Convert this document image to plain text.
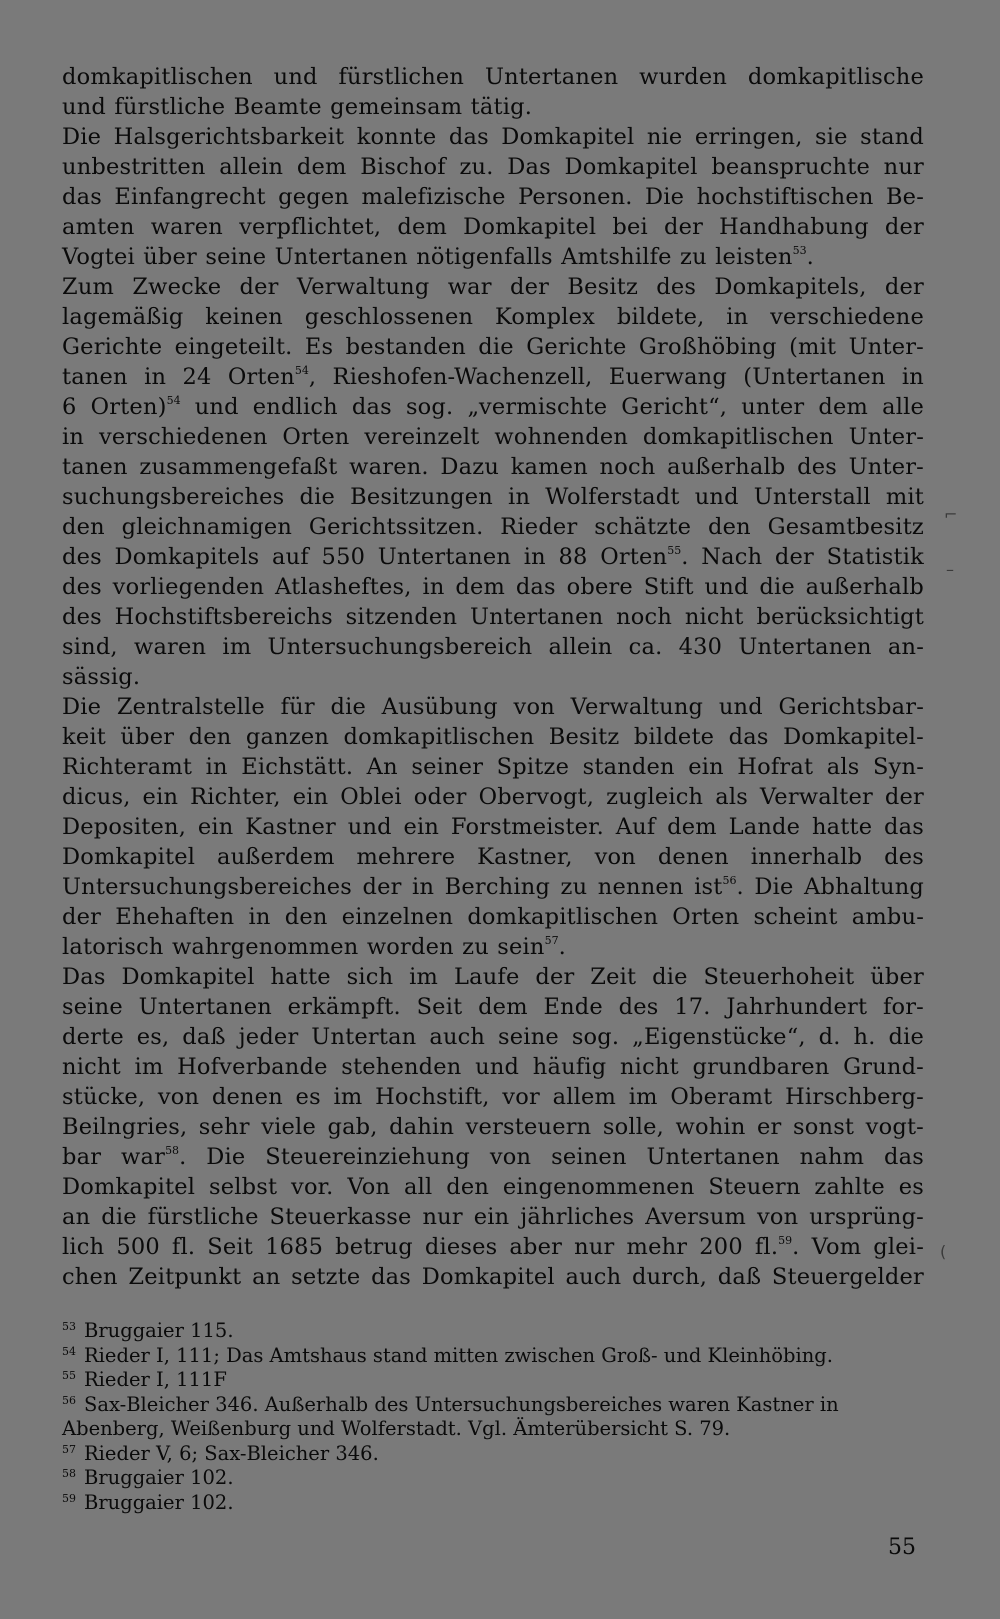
domkapitlischen und fürstlichen Untertanen wurden domkapitlische
und fürstliche Beamte gemeinsam tätig.

Die Halsgerichtsbarkeit konnte das Domkapitel nie erringen, sie stand
unbestritten allein dem Bischof zu. Das Domkapitel beanspruchte nur
das Einfangrecht gegen malefizische Personen. Die hochstiftischen Be-
amten waren verpflichtet, dem Domkapitel bei der Handhabung der
Vogtei über seine Untertanen nötigenfalls Amtshilfe zu leisten$^{53}$.

Zum Zwecke der Verwaltung war der Besitz des Domkapitels, der
lagemäßig keinen geschlossenen Komplex bildete, in verschiedene
Gerichte eingeteilt. Es bestanden die Gerichte Großhöbing (mit Unter-
tanen in 24 Orten$^{54}$, Rieshofen-Wachenzell, Euerwang (Untertanen in
6 Orten)$^{54}$ und endlich das sog. „vermischte Gericht“, unter dem alle
in verschiedenen Orten vereinzelt wohnenden domkapitlischen Unter-
tanen zusammengefaßt waren. Dazu kamen noch außerhalb des Unter-
suchungsbereiches die Besitzungen in Wolferstadt und Unterstall mit
den gleichnamigen Gerichtssitzen. Rieder schätzte den Gesamtbesitz
des Domkapitels auf 550 Untertanen in 88 Orten$^{55}$. Nach der Statistik
des vorliegenden Atlasheftes, in dem das obere Stift und die außerhalb
des Hochstiftsbereichs sitzenden Untertanen noch nicht berücksichtigt
sind, waren im Untersuchungsbereich allein ca. 430 Untertanen an-
sässig.

Die Zentralstelle für die Ausübung von Verwaltung und Gerichtsbar-
keit über den ganzen domkapitlischen Besitz bildete das Domkapitel-
Richteramt in Eichstätt. An seiner Spitze standen ein Hofrat als Syn-
dicus, ein Richter, ein Oblei oder Obervogt, zugleich als Verwalter der
Depositen, ein Kastner und ein Forstmeister. Auf dem Lande hatte das
Domkapitel außerdem mehrere Kastner, von denen innerhalb des
Untersuchungsbereiches der in Berching zu nennen ist$^{56}$. Die Abhaltung
der Ehehaften in den einzelnen domkapitlischen Orten scheint ambu-
latorisch wahrgenommen worden zu sein$^{57}$.

Das Domkapitel hatte sich im Laufe der Zeit die Steuerhoheit über
seine Untertanen erkämpft. Seit dem Ende des 17. Jahrhundert for-
derte es, daß jeder Untertan auch seine sog. „Eigenstücke“, d. h. die
nicht im Hofverbande stehenden und häufig nicht grundbaren Grund-
stücke, von denen es im Hochstift, vor allem im Oberamt Hirschberg-
Beilngries, sehr viele gab, dahin versteuern solle, wohin er sonst vogt-
bar war$^{58}$. Die Steuereinziehung von seinen Untertanen nahm das
Domkapitel selbst vor. Von all den eingenommenen Steuern zahlte es
an die fürstliche Steuerkasse nur ein jährliches Aversum von ursprüng-
lich 500 fl. Seit 1685 betrug dieses aber nur mehr 200 fl.$^{59}$. Vom glei-
chen Zeitpunkt an setzte das Domkapitel auch durch, daß Steuergelder

53 Bruggaier 115.
54 Rieder I, 111; Das Amtshaus stand mitten zwischen Groß- und Kleinhöbing.
55 Rieder I, 111F
56 Sax-Bleicher 346. Außerhalb des Untersuchungsbereiches waren Kastner in
Abenberg, Weißenburg und Wolferstadt. Vgl. Ämterübersicht S. 79.
57 Rieder V, 6; Sax-Bleicher 346.
58 Bruggaier 102.
59 Bruggaier 102.
55
⌐
–
(
